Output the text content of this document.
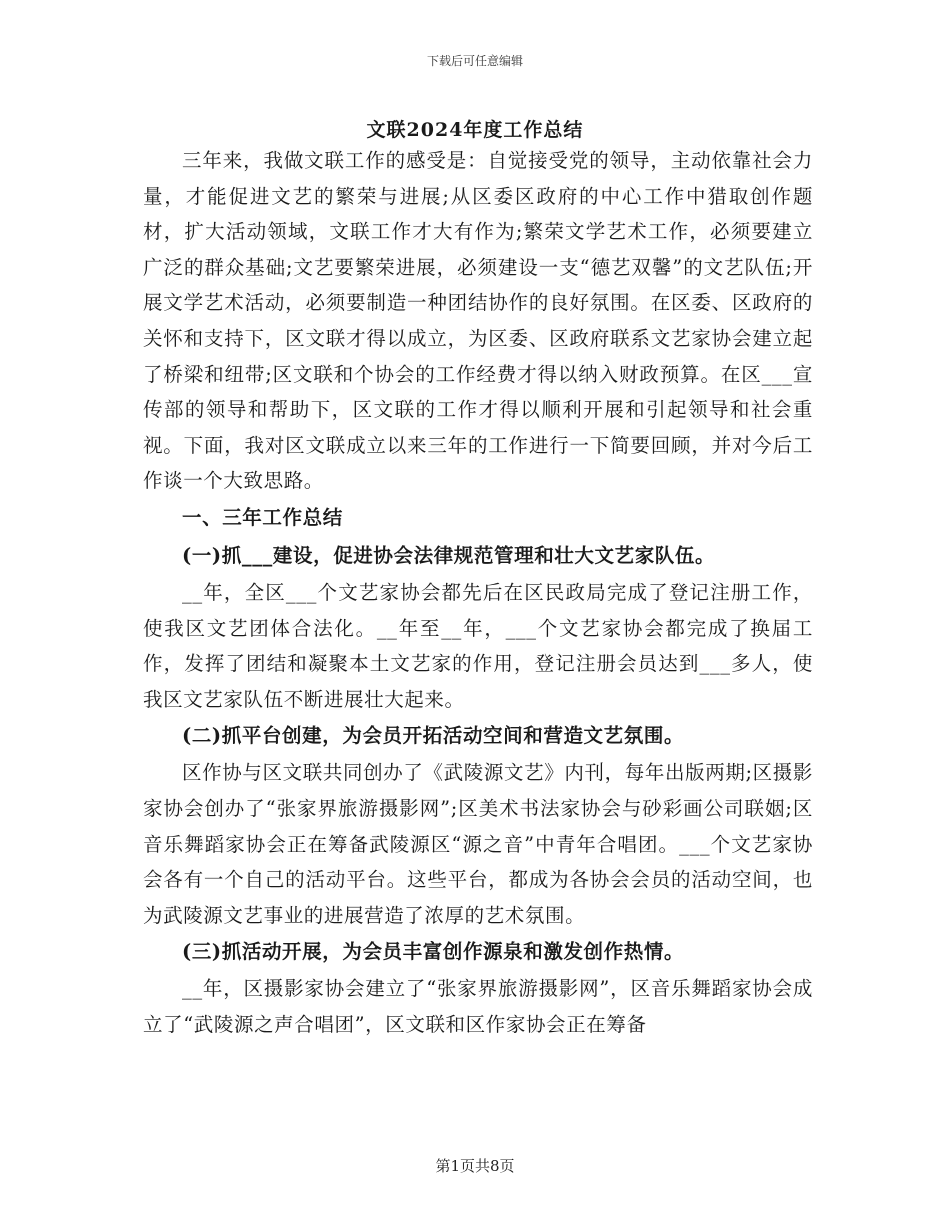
下载后可任意编辑
文联2024年度工作总结

三年来，我做文联工作的感受是：自觉接受党的领导，主动依靠社会力量，才能促进文艺的繁荣与进展;从区委区政府的中心工作中猎取创作题材，扩大活动领域，文联工作才大有作为;繁荣文学艺术工作，必须要建立广泛的群众基础;文艺要繁荣进展，必须建设一支“德艺双馨”的文艺队伍;开展文学艺术活动，必须要制造一种团结协作的良好氛围。在区委、区政府的关怀和支持下，区文联才得以成立，为区委、区政府联系文艺家协会建立起了桥梁和纽带;区文联和个协会的工作经费才得以纳入财政预算。在区___宣传部的领导和帮助下，区文联的工作才得以顺利开展和引起领导和社会重视。下面，我对区文联成立以来三年的工作进行一下简要回顾，并对今后工作谈一个大致思路。

一、三年工作总结

(一)抓___建设，促进协会法律规范管理和壮大文艺家队伍。

__年，全区___个文艺家协会都先后在区民政局完成了登记注册工作，使我区文艺团体合法化。__年至__年，___个文艺家协会都完成了换届工作，发挥了团结和凝聚本土文艺家的作用，登记注册会员达到___多人，使我区文艺家队伍不断进展壮大起来。

(二)抓平台创建，为会员开拓活动空间和营造文艺氛围。

区作协与区文联共同创办了《武陵源文艺》内刊，每年出版两期;区摄影家协会创办了“张家界旅游摄影网”;区美术书法家协会与砂彩画公司联姻;区音乐舞蹈家协会正在筹备武陵源区“源之音”中青年合唱团。___个文艺家协会各有一个自己的活动平台。这些平台，都成为各协会会员的活动空间，也为武陵源文艺事业的进展营造了浓厚的艺术氛围。

(三)抓活动开展，为会员丰富创作源泉和激发创作热情。

__年，区摄影家协会建立了“张家界旅游摄影网”，区音乐舞蹈家协会成立了“武陵源之声合唱团”，区文联和区作家协会正在筹备

第1页共8页
